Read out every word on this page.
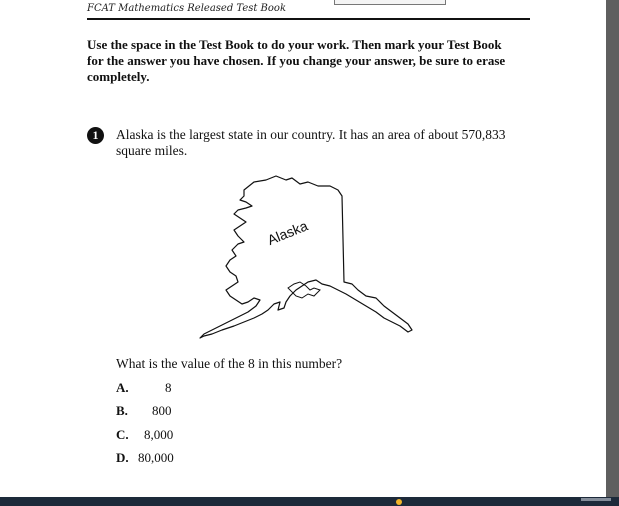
FCAT Mathematics Released Test Book
Use the space in the Test Book to do your work. Then mark your Test Book for the answer you have chosen. If you change your answer, be sure to erase completely.
1	Alaska is the largest state in our country. It has an area of about 570,833 square miles.
Alaska
What is the value of the 8 in this number?
A.	8
B. 800
C. 8,000
D. 80,000
